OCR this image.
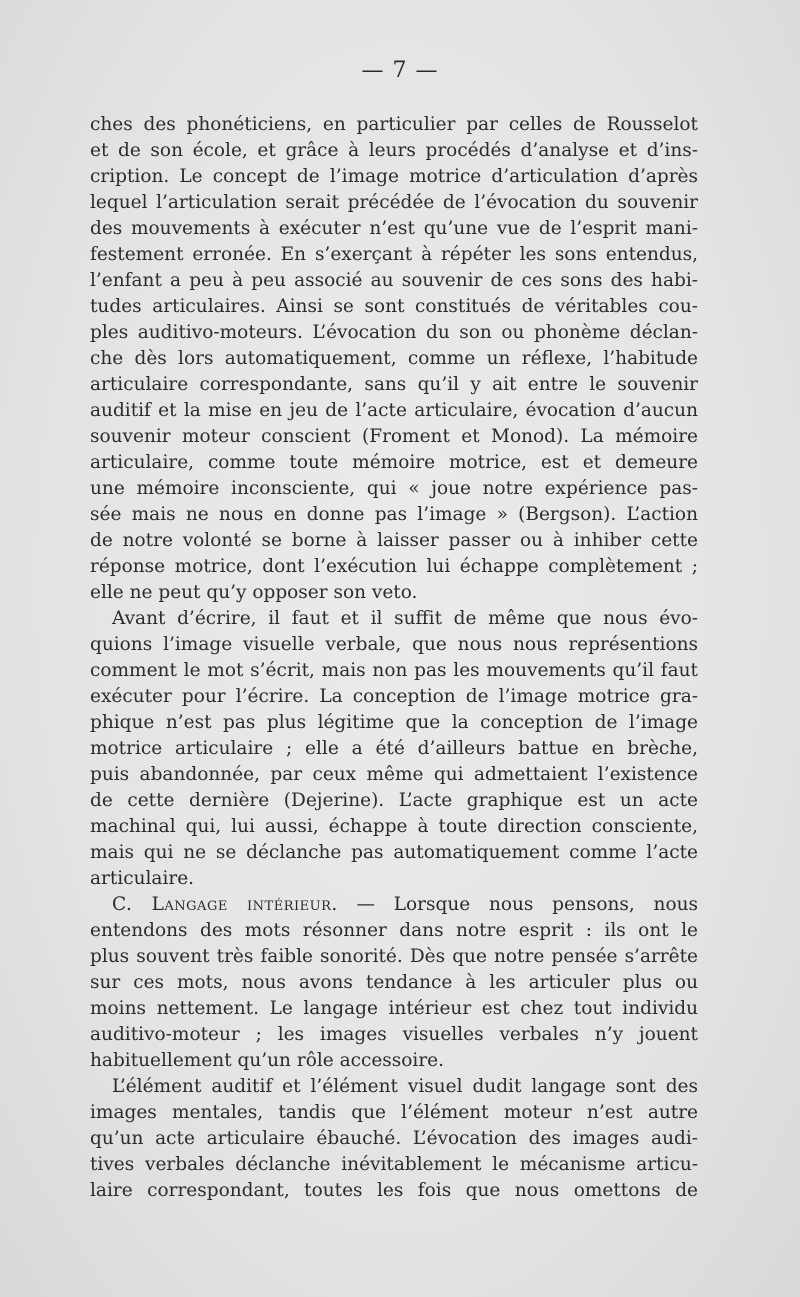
— 7 —
ches des phonéticiens, en particulier par celles de Rousselot
et de son école, et grâce à leurs procédés d’analyse et d’ins-
cription. Le concept de l’image motrice d’articulation d’après
lequel l’articulation serait précédée de l’évocation du souvenir
des mouvements à exécuter n’est qu’une vue de l’esprit mani-
festement erronée. En s’exerçant à répéter les sons entendus,
l’enfant a peu à peu associé au souvenir de ces sons des habi-
tudes articulaires. Ainsi se sont constitués de véritables cou-
ples auditivo-moteurs. L’évocation du son ou phonème déclan-
che dès lors automatiquement, comme un réflexe, l’habitude
articulaire correspondante, sans qu’il y ait entre le souvenir
auditif et la mise en jeu de l’acte articulaire, évocation d’aucun
souvenir moteur conscient (Froment et Monod). La mémoire
articulaire, comme toute mémoire motrice, est et demeure
une mémoire inconsciente, qui « joue notre expérience pas-
sée mais ne nous en donne pas l’image » (Bergson). L’action
de notre volonté se borne à laisser passer ou à inhiber cette
réponse motrice, dont l’exécution lui échappe complètement ;
elle ne peut qu’y opposer son veto.
Avant d’écrire, il faut et il suffit de même que nous évo-
quions l’image visuelle verbale, que nous nous représentions
comment le mot s’écrit, mais non pas les mouvements qu’il faut
exécuter pour l’écrire. La conception de l’image motrice gra-
phique n’est pas plus légitime que la conception de l’image
motrice articulaire ; elle a été d’ailleurs battue en brèche,
puis abandonnée, par ceux même qui admettaient l’existence
de cette dernière (Dejerine). L’acte graphique est un acte
machinal qui, lui aussi, échappe à toute direction consciente,
mais qui ne se déclanche pas automatiquement comme l’acte
articulaire.
C. Langage intérieur. — Lorsque nous pensons, nous
entendons des mots résonner dans notre esprit : ils ont le
plus souvent très faible sonorité. Dès que notre pensée s’arrête
sur ces mots, nous avons tendance à les articuler plus ou
moins nettement. Le langage intérieur est chez tout individu
auditivo-moteur ; les images visuelles verbales n’y jouent
habituellement qu’un rôle accessoire.
L’élément auditif et l’élément visuel dudit langage sont des
images mentales, tandis que l’élément moteur n’est autre
qu’un acte articulaire ébauché. L’évocation des images audi-
tives verbales déclanche inévitablement le mécanisme articu-
laire correspondant, toutes les fois que nous omettons de
